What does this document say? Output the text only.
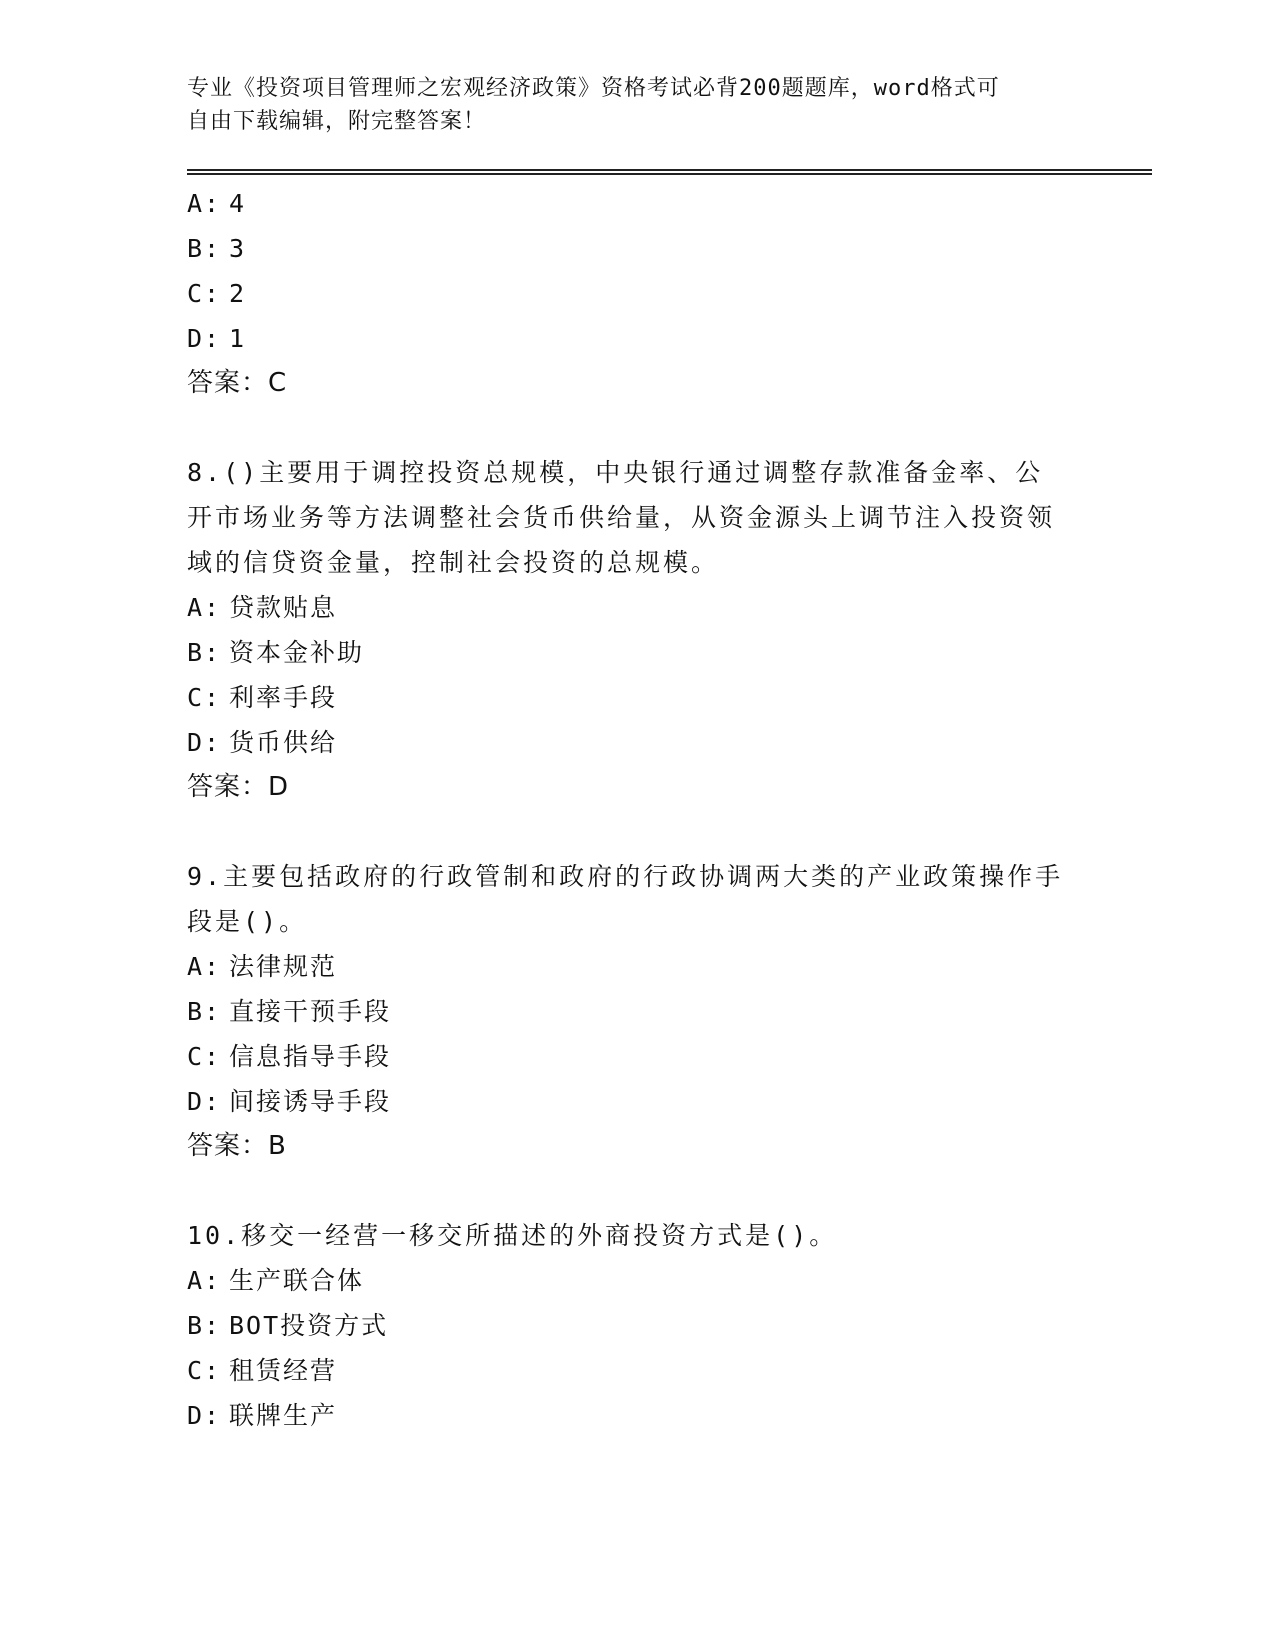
专业《投资项目管理师之宏观经济政策》资格考试必背200题题库，word格式可
自由下载编辑，附完整答案！
A: 4
B: 3
C: 2
D: 1
答案：C
8.()主要用于调控投资总规模，中央银行通过调整存款准备金率、公开市场业务等方法调整社会货币供给量，从资金源头上调节注入投资领域的信贷资金量，控制社会投资的总规模。
A: 贷款贴息
B: 资本金补助
C: 利率手段
D: 货币供给
答案：D
9.主要包括政府的行政管制和政府的行政协调两大类的产业政策操作手段是()。
A: 法律规范
B: 直接干预手段
C: 信息指导手段
D: 间接诱导手段
答案：B
10.移交一经营一移交所描述的外商投资方式是()。
A: 生产联合体
B: BOT投资方式
C: 租赁经营
D: 联牌生产
